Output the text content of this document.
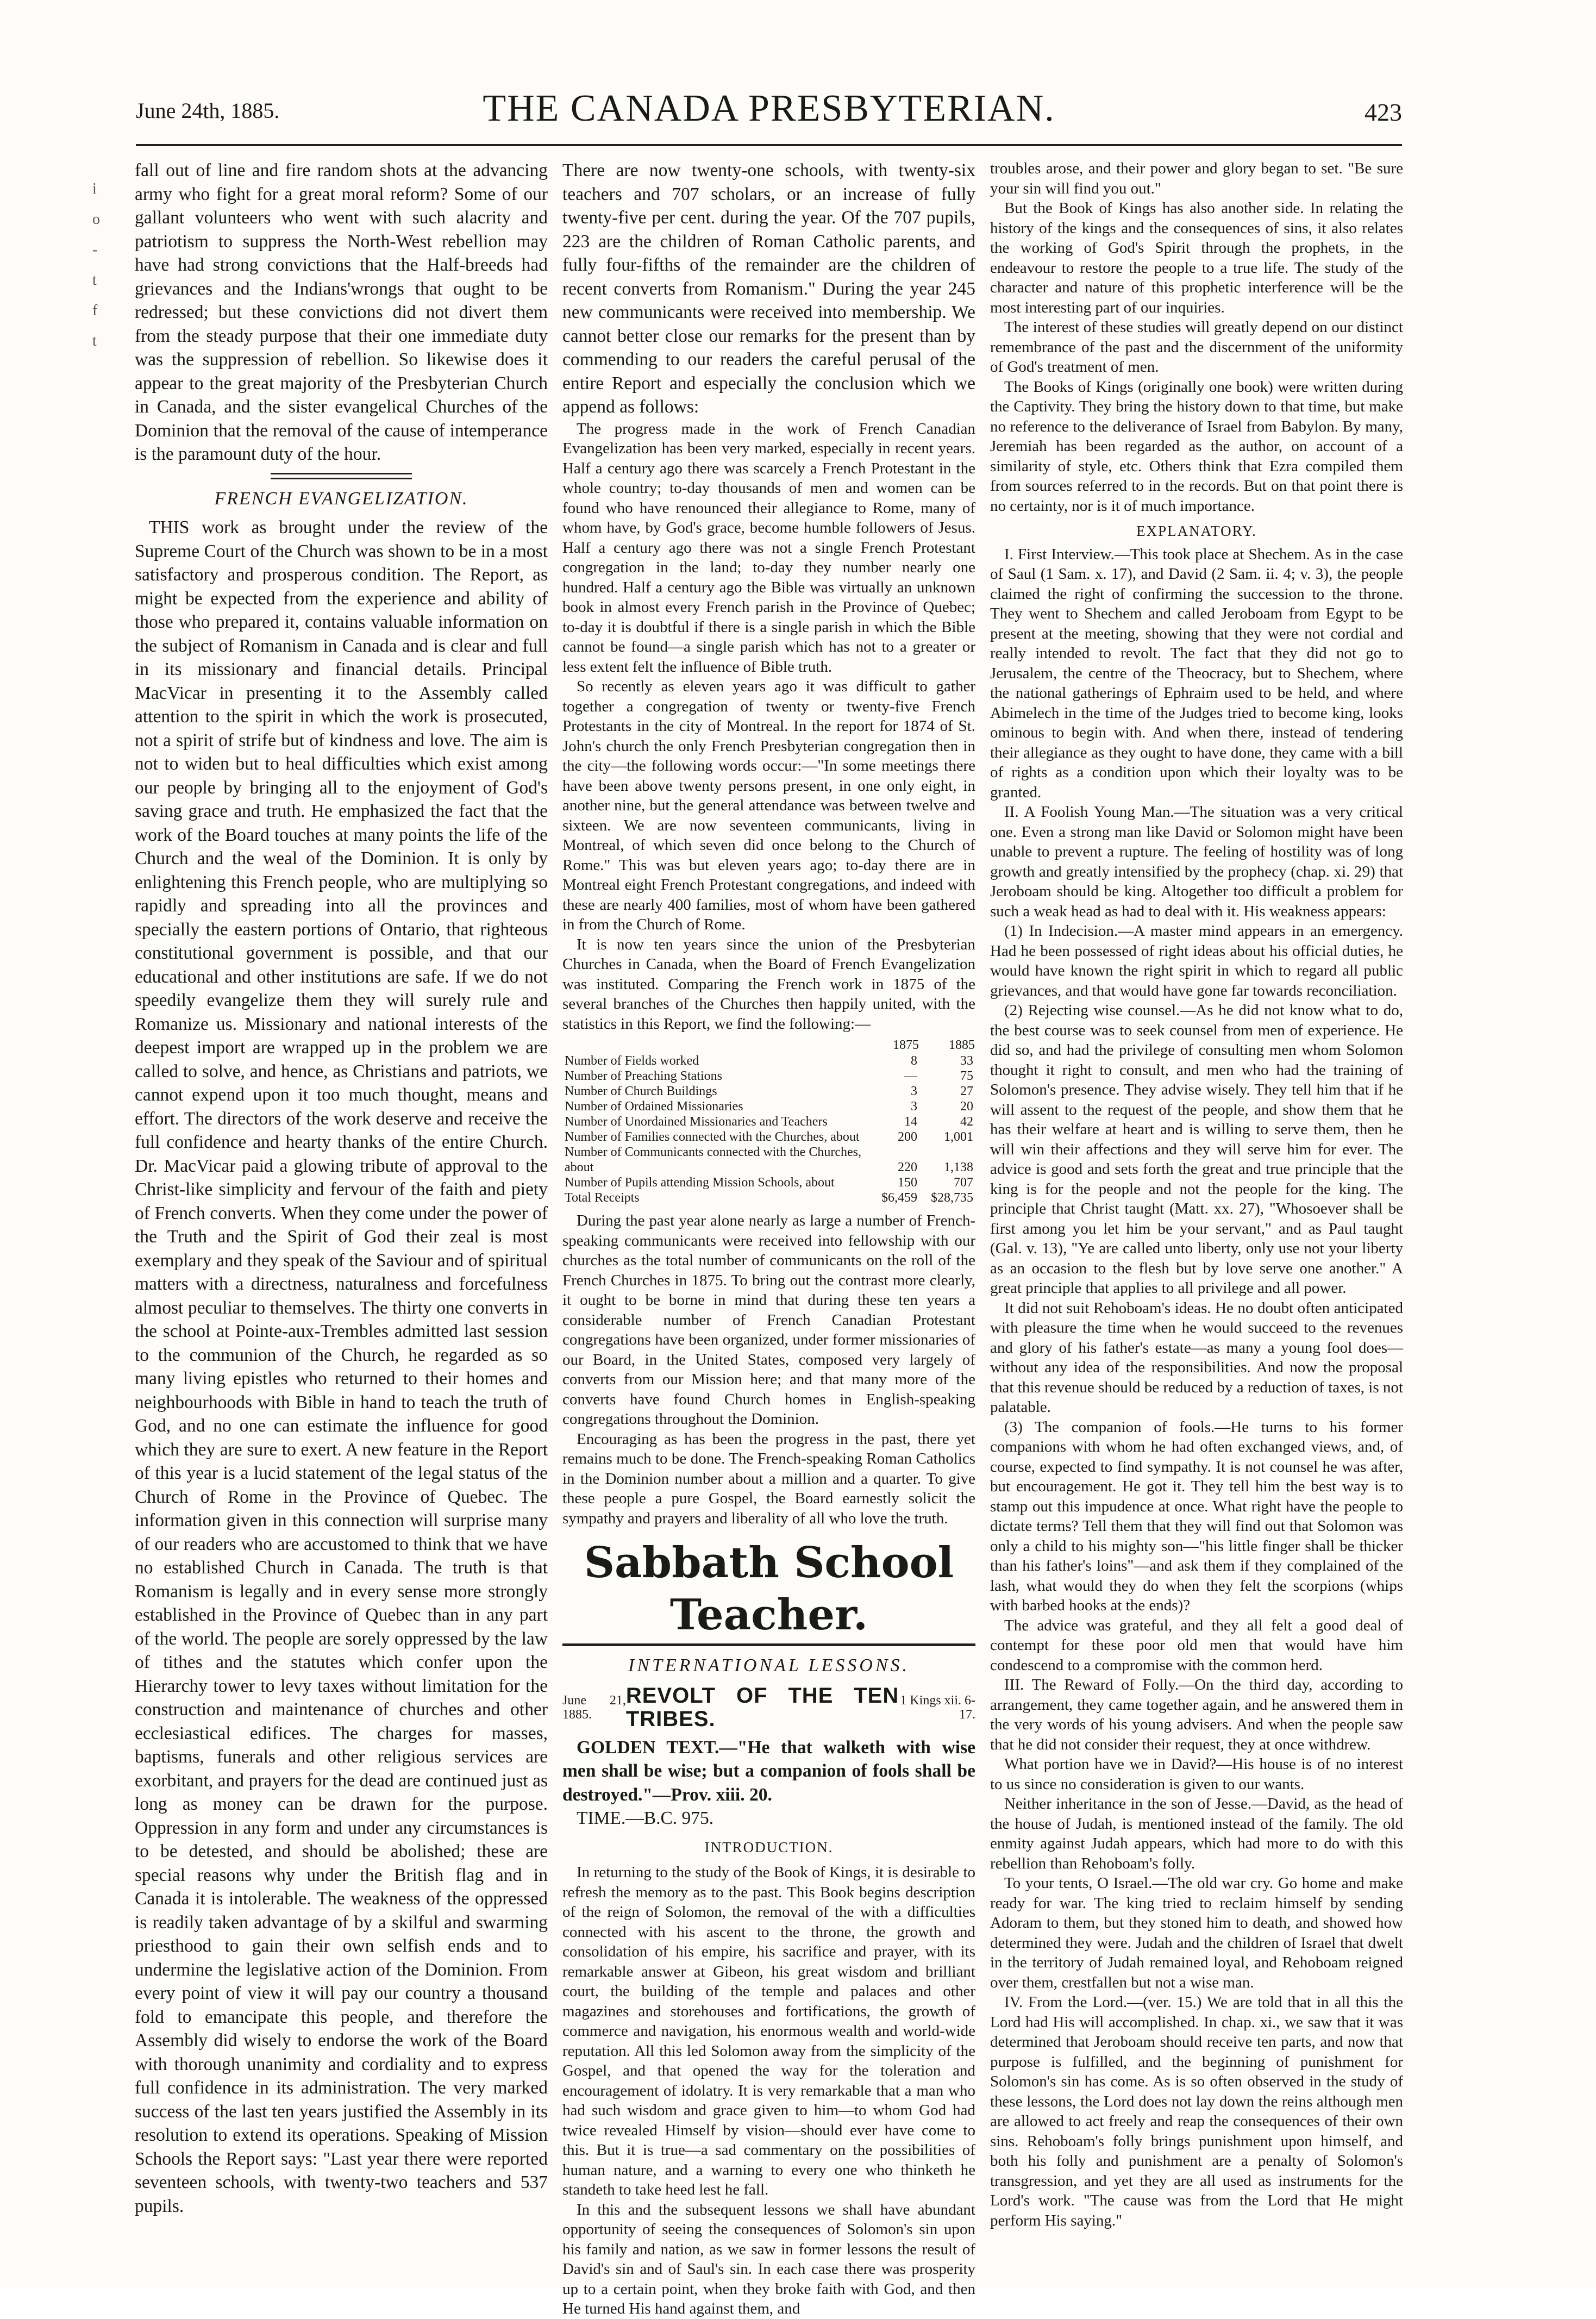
June 24th, 1885.	THE CANADA PRESBYTERIAN.	423
i
o
-
t
f
t

fall out of line and fire random shots at the advancing army who fight for a great moral reform? Some of our gallant volunteers who went with such alacrity and patriotism to suppress the North-West rebellion may have had strong convictions that the Half-breeds had grievances and the Indians'wrongs that ought to be redressed; but these convictions did not divert them from the steady purpose that their one immediate duty was the suppression of rebellion. So likewise does it appear to the great majority of the Presbyterian Church in Canada, and the sister evangelical Churches of the Dominion that the removal of the cause of intemperance is the paramount duty of the hour.

FRENCH EVANGELIZATION.

THIS work as brought under the review of the Supreme Court of the Church was shown to be in a most satisfactory and prosperous condition. The Report, as might be expected from the experience and ability of those who prepared it, contains valuable information on the subject of Romanism in Canada and is clear and full in its missionary and financial details. Principal MacVicar in presenting it to the Assembly called attention to the spirit in which the work is prosecuted, not a spirit of strife but of kindness and love. The aim is not to widen but to heal difficulties which exist among our people by bringing all to the enjoyment of God's saving grace and truth. He emphasized the fact that the work of the Board touches at many points the life of the Church and the weal of the Dominion. It is only by enlightening this French people, who are multiplying so rapidly and spreading into all the provinces and specially the eastern portions of Ontario, that righteous constitutional government is possible, and that our educational and other institutions are safe. If we do not speedily evangelize them they will surely rule and Romanize us. Missionary and national interests of the deepest import are wrapped up in the problem we are called to solve, and hence, as Christians and patriots, we cannot expend upon it too much thought, means and effort. The directors of the work deserve and receive the full confidence and hearty thanks of the entire Church. Dr. MacVicar paid a glowing tribute of approval to the Christ-like simplicity and fervour of the faith and piety of French converts. When they come under the power of the Truth and the Spirit of God their zeal is most exemplary and they speak of the Saviour and of spiritual matters with a directness, naturalness and forcefulness almost peculiar to themselves. The thirty one converts in the school at Pointe-aux-Trembles admitted last session to the communion of the Church, he regarded as so many living epistles who returned to their homes and neighbourhoods with Bible in hand to teach the truth of God, and no one can estimate the influence for good which they are sure to exert. A new feature in the Report of this year is a lucid statement of the legal status of the Church of Rome in the Province of Quebec. The information given in this connection will surprise many of our readers who are accustomed to think that we have no established Church in Canada. The truth is that Romanism is legally and in every sense more strongly established in the Province of Quebec than in any part of the world. The people are sorely oppressed by the law of tithes and the statutes which confer upon the Hierarchy tower to levy taxes without limitation for the construction and maintenance of churches and other ecclesiastical edifices. The charges for masses, baptisms, funerals and other religious services are exorbitant, and prayers for the dead are continued just as long as money can be drawn for the purpose. Oppression in any form and under any circumstances is to be detested, and should be abolished; these are special reasons why under the British flag and in Canada it is intolerable. The weakness of the oppressed is readily taken advantage of by a skilful and swarming priesthood to gain their own selfish ends and to undermine the legislative action of the Dominion. From every point of view it will pay our country a thousand fold to emancipate this people, and therefore the Assembly did wisely to endorse the work of the Board with thorough unanimity and cordiality and to express full confidence in its administration. The very marked success of the last ten years justified the Assembly in its resolution to extend its operations. Speaking of Mission Schools the Report says: "Last year there were reported seventeen schools, with twenty-two teachers and 537 pupils.

There are now twenty-one schools, with twenty-six teachers and 707 scholars, or an increase of fully twenty-five per cent. during the year. Of the 707 pupils, 223 are the children of Roman Catholic parents, and fully four-fifths of the remainder are the children of recent converts from Romanism." During the year 245 new communicants were received into membership. We cannot better close our remarks for the present than by commending to our readers the careful perusal of the entire Report and especially the conclusion which we append as follows:

The progress made in the work of French Canadian Evangelization has been very marked, especially in recent years. Half a century ago there was scarcely a French Protestant in the whole country; to-day thousands of men and women can be found who have renounced their allegiance to Rome, many of whom have, by God's grace, become humble followers of Jesus. Half a century ago there was not a single French Protestant congregation in the land; to-day they number nearly one hundred. Half a century ago the Bible was virtually an unknown book in almost every French parish in the Province of Quebec; to-day it is doubtful if there is a single parish in which the Bible cannot be found—a single parish which has not to a greater or less extent felt the influence of Bible truth.

So recently as eleven years ago it was difficult to gather together a congregation of twenty or twenty-five French Protestants in the city of Montreal. In the report for 1874 of St. John's church the only French Presbyterian congregation then in the city—the following words occur:—"In some meetings there have been above twenty persons present, in one only eight, in another nine, but the general attendance was between twelve and sixteen. We are now seventeen communicants, living in Montreal, of which seven did once belong to the Church of Rome." This was but eleven years ago; to-day there are in Montreal eight French Protestant congregations, and indeed with these are nearly 400 families, most of whom have been gathered in from the Church of Rome.

It is now ten years since the union of the Presbyterian Churches in Canada, when the Board of French Evangelization was instituted. Comparing the French work in 1875 of the several branches of the Churches then happily united, with the statistics in this Report, we find the following:—

	1875	1885
Number of Fields worked	8	33
Number of Preaching Stations	—	75
Number of Church Buildings	3	27
Number of Ordained Missionaries	3	20
Number of Unordained Missionaries and Teachers	14	42
Number of Families connected with the Churches, about	200	1,001
Number of Communicants connected with the Churches, about	220	1,138
Number of Pupils attending Mission Schools, about	150	707
Total Receipts	$6,459	$28,735

During the past year alone nearly as large a number of French-speaking communicants were received into fellowship with our churches as the total number of communicants on the roll of the French Churches in 1875. To bring out the contrast more clearly, it ought to be borne in mind that during these ten years a considerable number of French Canadian Protestant congregations have been organized, under former missionaries of our Board, in the United States, composed very largely of converts from our Mission here; and that many more of the converts have found Church homes in English-speaking congregations throughout the Dominion.

Encouraging as has been the progress in the past, there yet remains much to be done. The French-speaking Roman Catholics in the Dominion number about a million and a quarter. To give these people a pure Gospel, the Board earnestly solicit the sympathy and prayers and liberality of all who love the truth.

Sabbath School Teacher.
INTERNATIONAL LESSONS.
June 21, 1885.
REVOLT OF THE TEN TRIBES.
1 Kings xii. 6-17.

GOLDEN TEXT.—"He that walketh with wise men shall be wise; but a companion of fools shall be destroyed."—Prov. xiii. 20.

TIME.—B.C. 975.

INTRODUCTION.

In returning to the study of the Book of Kings, it is desirable to refresh the memory as to the past. This Book begins description of the reign of Solomon, the removal of the with a difficulties connected with his ascent to the throne, the growth and consolidation of his empire, his sacrifice and prayer, with its remarkable answer at Gibeon, his great wisdom and brilliant court, the building of the temple and palaces and other magazines and storehouses and fortifications, the growth of commerce and navigation, his enormous wealth and world-wide reputation. All this led Solomon away from the simplicity of the Gospel, and that opened the way for the toleration and encouragement of idolatry. It is very remarkable that a man who had such wisdom and grace given to him—to whom God had twice revealed Himself by vision—should ever have come to this. But it is true—a sad commentary on the possibilities of human nature, and a warning to every one who thinketh he standeth to take heed lest he fall.

In this and the subsequent lessons we shall have abundant opportunity of seeing the consequences of Solomon's sin upon his family and nation, as we saw in former lessons the result of David's sin and of Saul's sin. In each case there was prosperity up to a certain point, when they broke faith with God, and then He turned His hand against them, and

troubles arose, and their power and glory began to set. "Be sure your sin will find you out."

But the Book of Kings has also another side. In relating the history of the kings and the consequences of sins, it also relates the working of God's Spirit through the prophets, in the endeavour to restore the people to a true life. The study of the character and nature of this prophetic interference will be the most interesting part of our inquiries.

The interest of these studies will greatly depend on our distinct remembrance of the past and the discernment of the uniformity of God's treatment of men.

The Books of Kings (originally one book) were written during the Captivity. They bring the history down to that time, but make no reference to the deliverance of Israel from Babylon. By many, Jeremiah has been regarded as the author, on account of a similarity of style, etc. Others think that Ezra compiled them from sources referred to in the records. But on that point there is no certainty, nor is it of much importance.

EXPLANATORY.

I. First Interview.—This took place at Shechem. As in the case of Saul (1 Sam. x. 17), and David (2 Sam. ii. 4; v. 3), the people claimed the right of confirming the succession to the throne. They went to Shechem and called Jeroboam from Egypt to be present at the meeting, showing that they were not cordial and really intended to revolt. The fact that they did not go to Jerusalem, the centre of the Theocracy, but to Shechem, where the national gatherings of Ephraim used to be held, and where Abimelech in the time of the Judges tried to become king, looks ominous to begin with. And when there, instead of tendering their allegiance as they ought to have done, they came with a bill of rights as a condition upon which their loyalty was to be granted.

II. A Foolish Young Man.—The situation was a very critical one. Even a strong man like David or Solomon might have been unable to prevent a rupture. The feeling of hostility was of long growth and greatly intensified by the prophecy (chap. xi. 29) that Jeroboam should be king. Altogether too difficult a problem for such a weak head as had to deal with it. His weakness appears:

(1) In Indecision.—A master mind appears in an emergency. Had he been possessed of right ideas about his official duties, he would have known the right spirit in which to regard all public grievances, and that would have gone far towards reconciliation.

(2) Rejecting wise counsel.—As he did not know what to do, the best course was to seek counsel from men of experience. He did so, and had the privilege of consulting men whom Solomon thought it right to consult, and men who had the training of Solomon's presence. They advise wisely. They tell him that if he will assent to the request of the people, and show them that he has their welfare at heart and is willing to serve them, then he will win their affections and they will serve him for ever. The advice is good and sets forth the great and true principle that the king is for the people and not the people for the king. The principle that Christ taught (Matt. xx. 27), "Whosoever shall be first among you let him be your servant," and as Paul taught (Gal. v. 13), "Ye are called unto liberty, only use not your liberty as an occasion to the flesh but by love serve one another." A great principle that applies to all privilege and all power.

It did not suit Rehoboam's ideas. He no doubt often anticipated with pleasure the time when he would succeed to the revenues and glory of his father's estate—as many a young fool does—without any idea of the responsibilities. And now the proposal that this revenue should be reduced by a reduction of taxes, is not palatable.

(3) The companion of fools.—He turns to his former companions with whom he had often exchanged views, and, of course, expected to find sympathy. It is not counsel he was after, but encouragement. He got it. They tell him the best way is to stamp out this impudence at once. What right have the people to dictate terms? Tell them that they will find out that Solomon was only a child to his mighty son—"his little finger shall be thicker than his father's loins"—and ask them if they complained of the lash, what would they do when they felt the scorpions (whips with barbed hooks at the ends)?

The advice was grateful, and they all felt a good deal of contempt for these poor old men that would have him condescend to a compromise with the common herd.

III. The Reward of Folly.—On the third day, according to arrangement, they came together again, and he answered them in the very words of his young advisers. And when the people saw that he did not consider their request, they at once withdrew.

What portion have we in David?—His house is of no interest to us since no consideration is given to our wants.

Neither inheritance in the son of Jesse.—David, as the head of the house of Judah, is mentioned instead of the family. The old enmity against Judah appears, which had more to do with this rebellion than Rehoboam's folly.

To your tents, O Israel.—The old war cry. Go home and make ready for war. The king tried to reclaim himself by sending Adoram to them, but they stoned him to death, and showed how determined they were. Judah and the children of Israel that dwelt in the territory of Judah remained loyal, and Rehoboam reigned over them, crestfallen but not a wise man.

IV. From the Lord.—(ver. 15.) We are told that in all this the Lord had His will accomplished. In chap. xi., we saw that it was determined that Jeroboam should receive ten parts, and now that purpose is fulfilled, and the beginning of punishment for Solomon's sin has come. As is so often observed in the study of these lessons, the Lord does not lay down the reins although men are allowed to act freely and reap the consequences of their own sins. Rehoboam's folly brings punishment upon himself, and both his folly and punishment are a penalty of Solomon's transgression, and yet they are all used as instruments for the Lord's work. "The cause was from the Lord that He might perform His saying."
